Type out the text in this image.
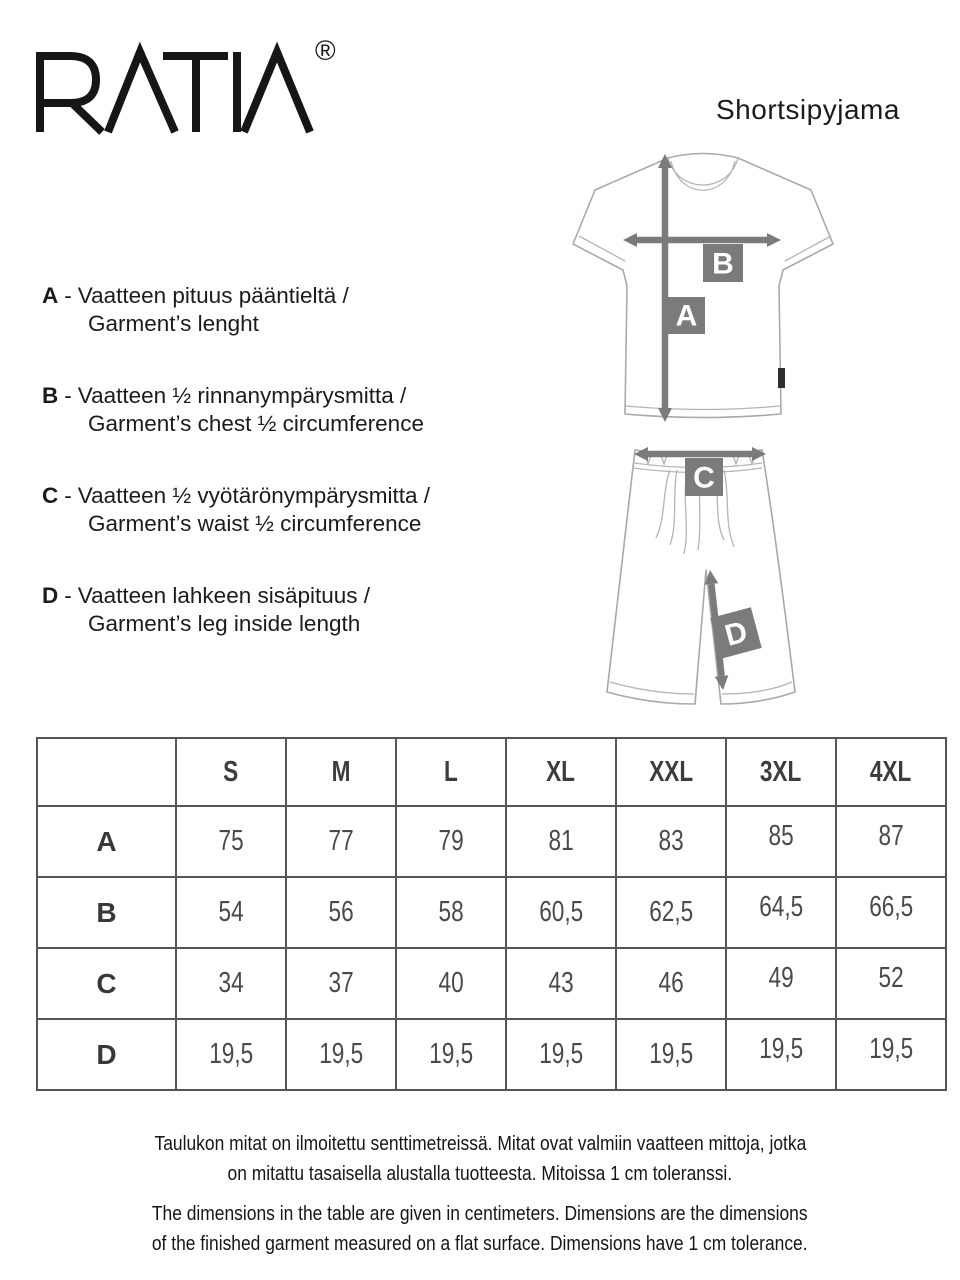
®
Shortsipyjama
A - Vaatteen pituus pääntieltä /
Garment’s lenght
B - Vaatteen ½ rinnanympärysmitta /
Garment’s chest ½ circumference
C - Vaatteen ½ vyötärönympärysmitta /
Garment’s waist ½ circumference
D - Vaatteen lahkeen sisäpituus /
Garment’s leg inside length
A
B
C
D
	S	M	L	XL	XXL	3XL	4XL
A	75	77	79	81	83	85	87
B	54	56	58	60,5	62,5	64,5	66,5
C	34	37	40	43	46	49	52
D	19,5	19,5	19,5	19,5	19,5	19,5	19,5
Taulukon mitat on ilmoitettu senttimetreissä. Mitat ovat valmiin vaatteen mittoja, jotka
on mitattu tasaisella alustalla tuotteesta. Mitoissa 1 cm toleranssi.
The dimensions in the table are given in centimeters. Dimensions are the dimensions
of the finished garment measured on a flat surface. Dimensions have 1 cm tolerance.
